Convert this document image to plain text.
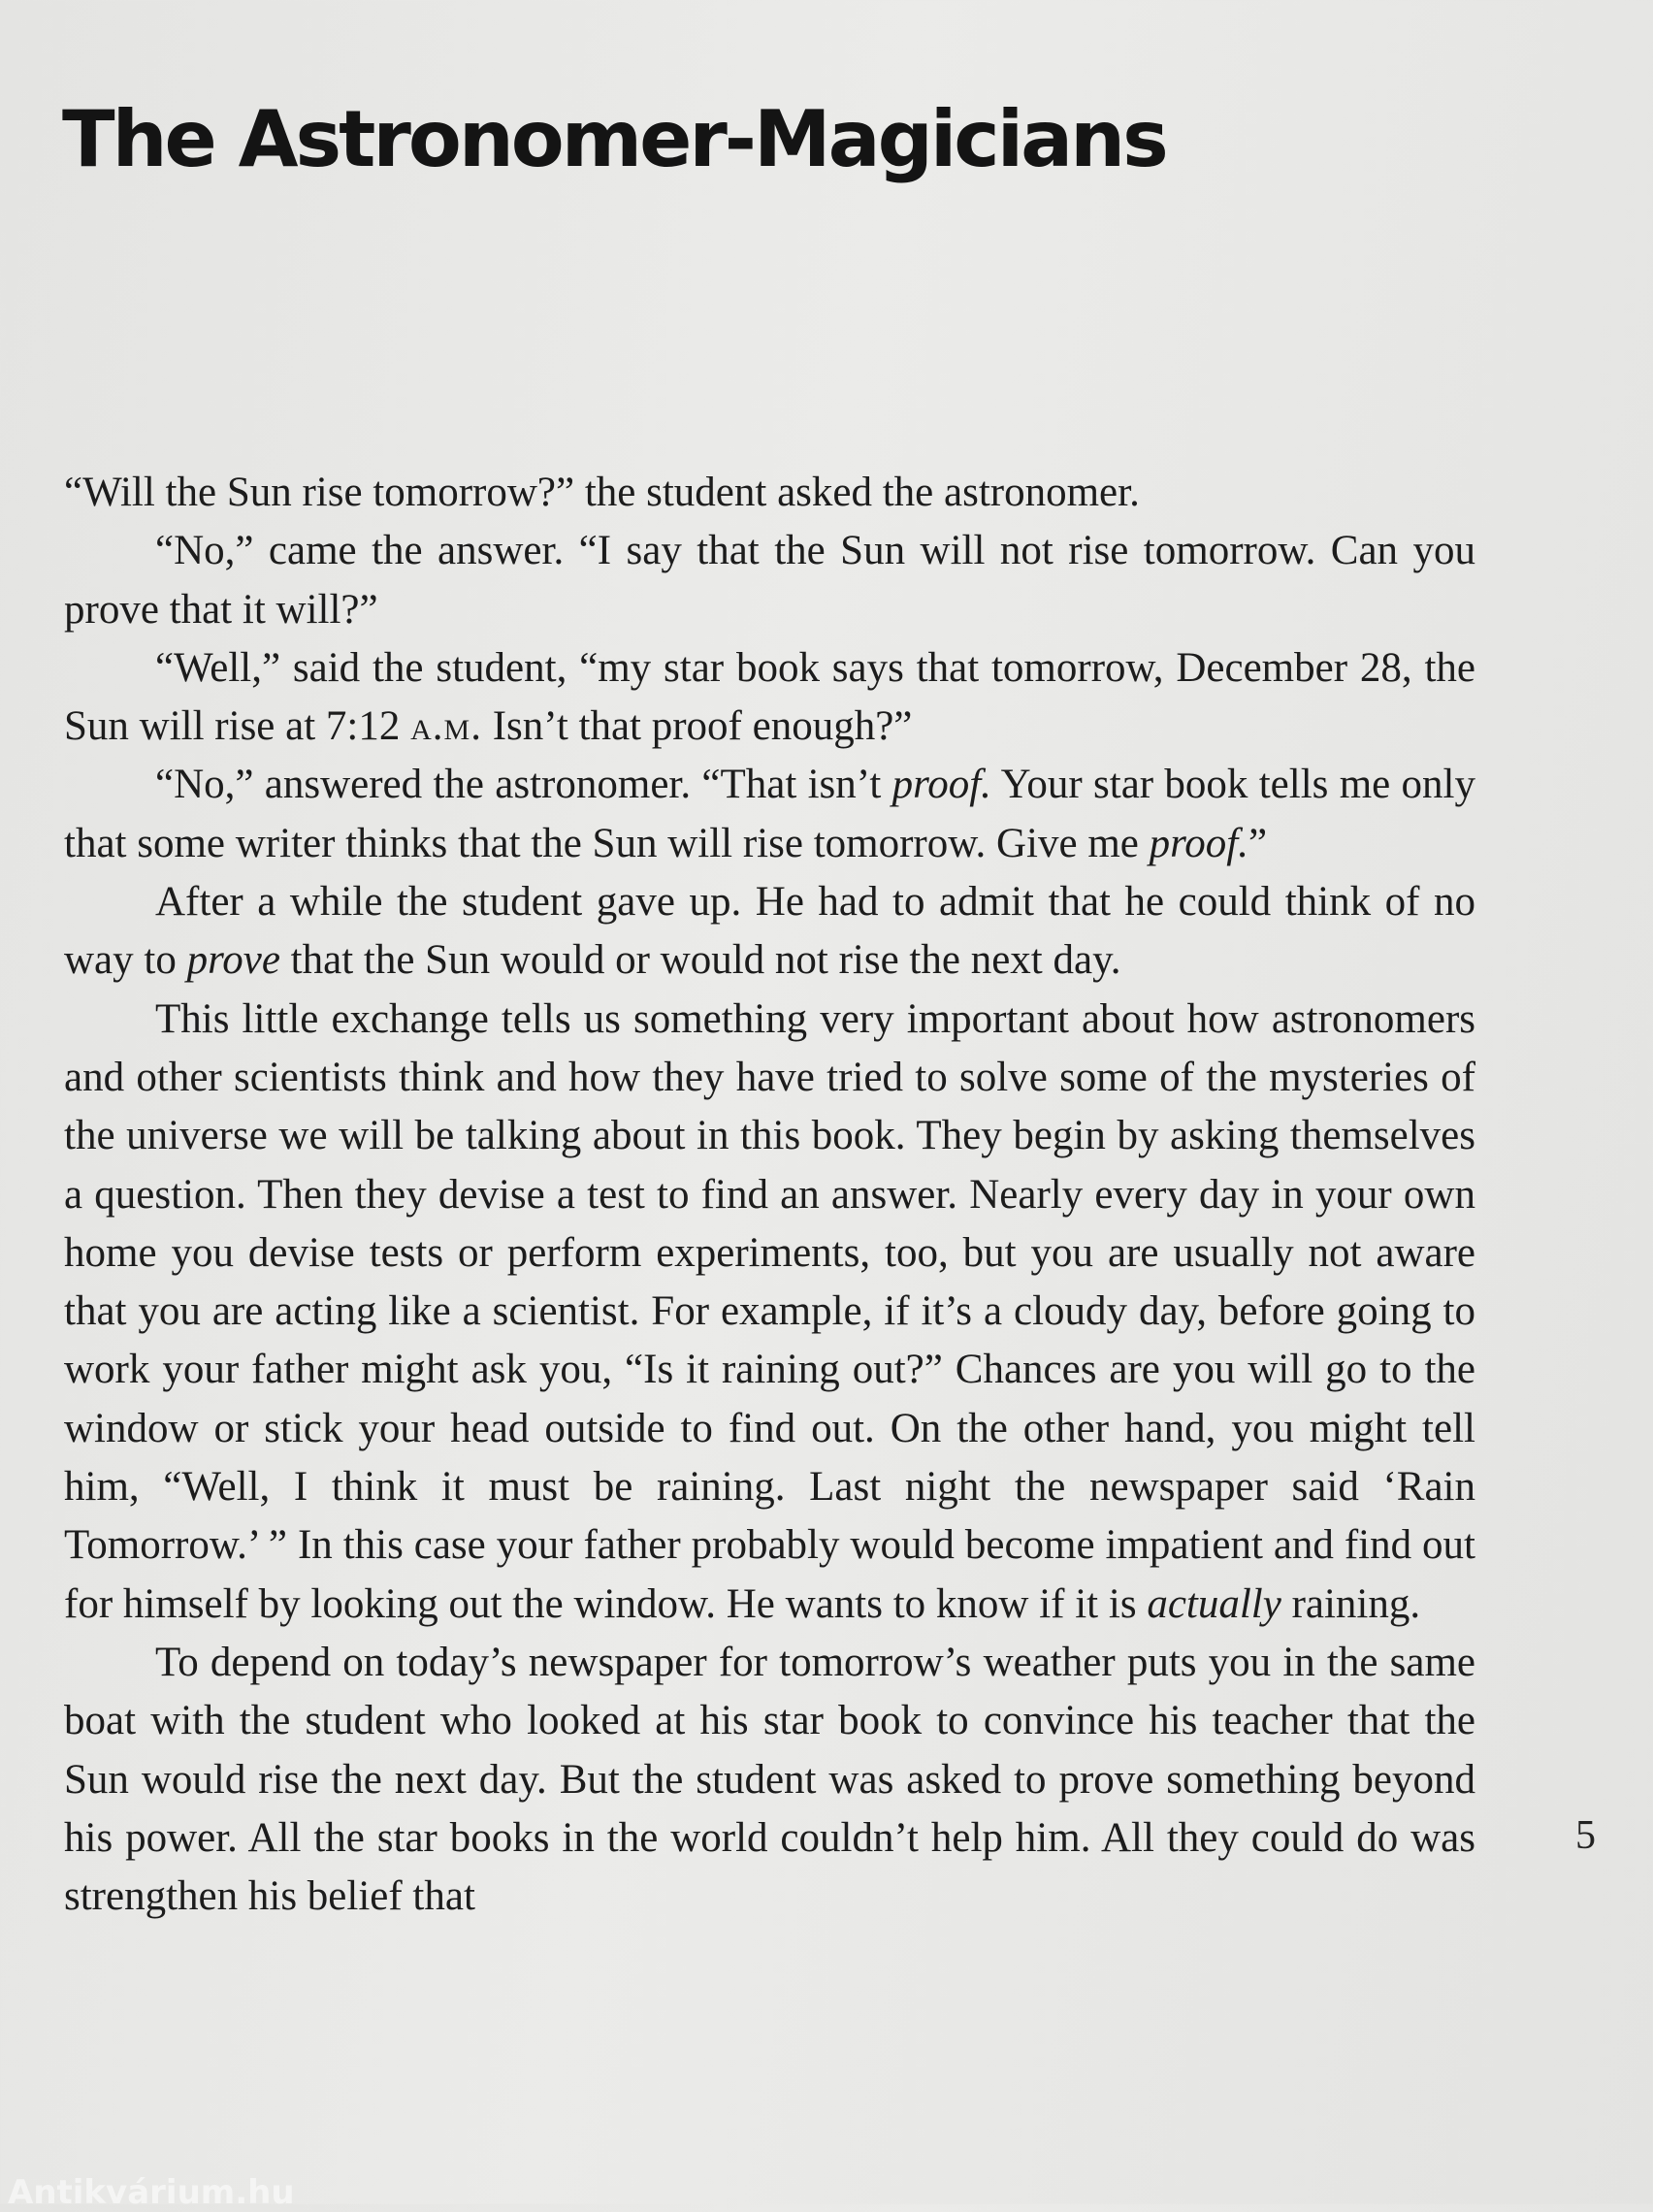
The Astronomer-Magicians

“Will the Sun rise tomorrow?” the student asked the astronomer.

“No,” came the answer. “I say that the Sun will not rise tomorrow. Can you prove that it will?”

“Well,” said the student, “my star book says that tomorrow, December 28, the Sun will rise at 7:12 a.m. Isn’t that proof enough?”

“No,” answered the astronomer. “That isn’t proof. Your star book tells me only that some writer thinks that the Sun will rise tomorrow. Give me proof.”

After a while the student gave up. He had to admit that he could think of no way to prove that the Sun would or would not rise the next day.

This little exchange tells us something very important about how astronomers and other scientists think and how they have tried to solve some of the mysteries of the universe we will be talking about in this book. They begin by asking themselves a question. Then they devise a test to find an answer. Nearly every day in your own home you devise tests or perform experiments, too, but you are usually not aware that you are acting like a scientist. For example, if it’s a cloudy day, before going to work your father might ask you, “Is it raining out?” Chances are you will go to the window or stick your head outside to find out. On the other hand, you might tell him, “Well, I think it must be raining. Last night the newspaper said ‘Rain Tomorrow.’ ” In this case your father probably would become impatient and find out for himself by looking out the window. He wants to know if it is actually raining.

To depend on today’s newspaper for tomorrow’s weather puts you in the same boat with the student who looked at his star book to convince his teacher that the Sun would rise the next day. But the student was asked to prove something beyond his power. All the star books in the world couldn’t help him. All they could do was strengthen his belief that

5
Antikvárium.hu
